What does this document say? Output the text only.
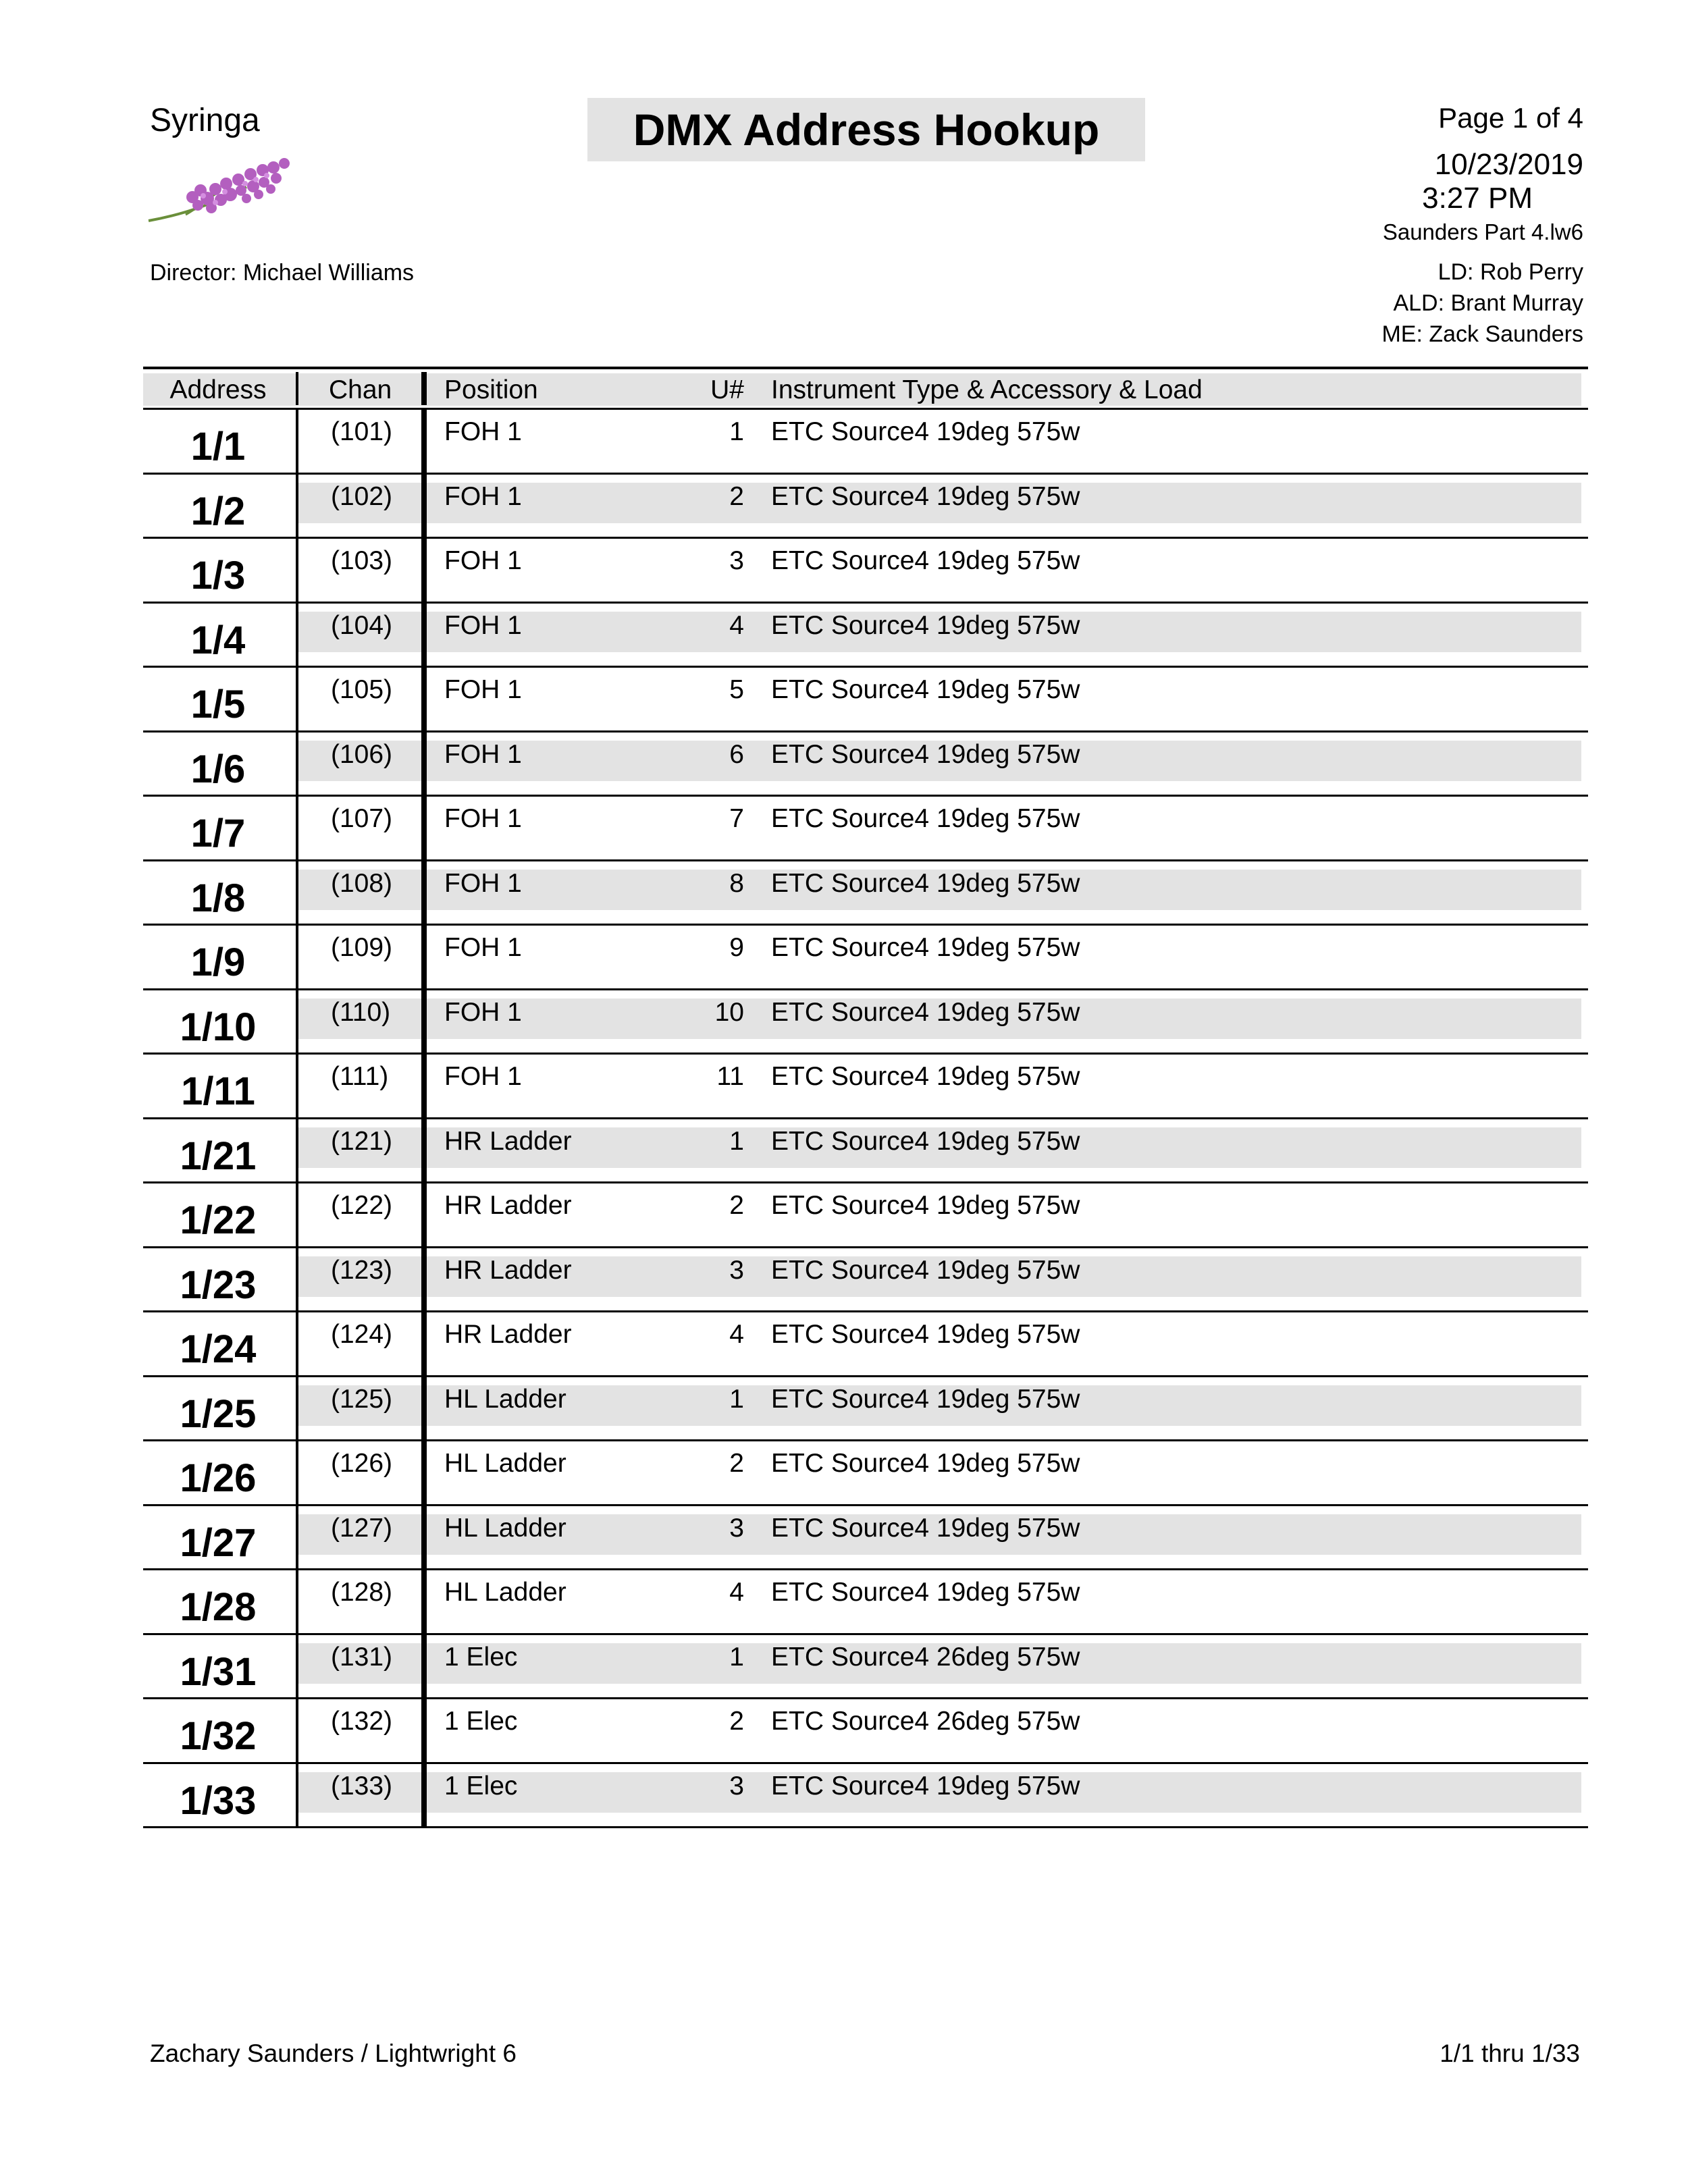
Syringa	DMX Address Hookup
Director: Michael Williams
Page 1 of 4
10/23/2019
3:27 PM
Saunders Part 4.lw6
LD: Rob Perry
ALD: Brant Murray
ME: Zack Saunders
Address	Chan Position	U# Instrument Type & Accessory & Load
1/1	(101) FOH 1	1 ETC Source4 19deg 575w
1/2	(102) FOH 1	2 ETC Source4 19deg 575w
1/3	(103) FOH 1	3 ETC Source4 19deg 575w
1/4	(104) FOH 1	4 ETC Source4 19deg 575w
1/5	(105) FOH 1	5 ETC Source4 19deg 575w
1/6	(106) FOH 1	6 ETC Source4 19deg 575w
1/7	(107) FOH 1	7 ETC Source4 19deg 575w
1/8	(108) FOH 1	8 ETC Source4 19deg 575w
1/9	(109) FOH 1	9 ETC Source4 19deg 575w
1/10	(110) FOH 1	10 ETC Source4 19deg 575w
1/11	(111) FOH 1	11 ETC Source4 19deg 575w
1/21	(121) HR Ladder	1 ETC Source4 19deg 575w
1/22	(122) HR Ladder	2 ETC Source4 19deg 575w
1/23	(123) HR Ladder	3 ETC Source4 19deg 575w
1/24	(124) HR Ladder	4 ETC Source4 19deg 575w
1/25	(125) HL Ladder	1 ETC Source4 19deg 575w
1/26	(126) HL Ladder	2 ETC Source4 19deg 575w
1/27	(127) HL Ladder	3 ETC Source4 19deg 575w
1/28	(128) HL Ladder	4 ETC Source4 19deg 575w
1/31	(131) 1 Elec	1 ETC Source4 26deg 575w
1/32	(132) 1 Elec	2 ETC Source4 26deg 575w
1/33	(133) 1 Elec	3 ETC Source4 19deg 575w
Zachary Saunders / Lightwright 6	1/1 thru 1/33
